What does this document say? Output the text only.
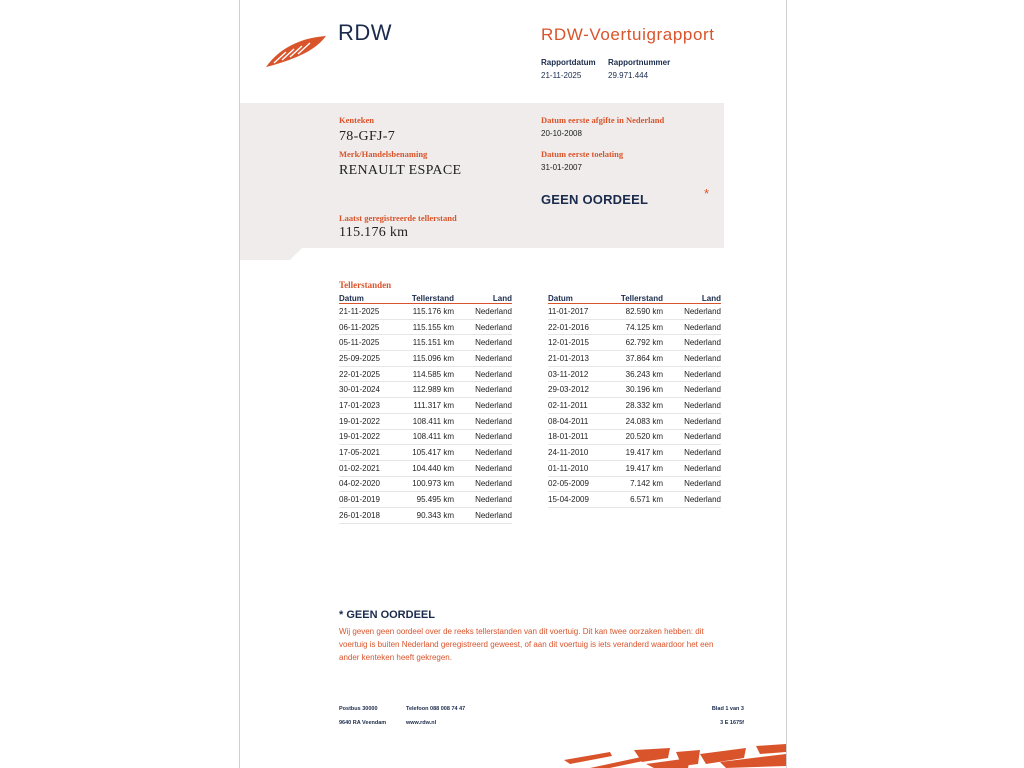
RDW	RDW-Voertuigrapport
Rapportdatum
21-11-2025
Rapportnummer
29.971.444
Kenteken
78-GFJ-7
Merk/Handelsbenaming
RENAULT ESPACE
Laatst geregistreerde tellerstand
115.176 km
Datum eerste afgifte in Nederland
20-10-2008
Datum eerste toelating
31-01-2007
GEEN OORDEEL	*
Tellerstanden
Datum	Tellerstand	Land
21-11-2025	115.176 km	Nederland
06-11-2025	115.155 km	Nederland
05-11-2025	115.151 km	Nederland
25-09-2025	115.096 km	Nederland
22-01-2025	114.585 km	Nederland
30-01-2024	112.989 km	Nederland
17-01-2023	111.317 km	Nederland
19-01-2022	108.411 km	Nederland
19-01-2022	108.411 km	Nederland
17-05-2021	105.417 km	Nederland
01-02-2021	104.440 km	Nederland
04-02-2020	100.973 km	Nederland
08-01-2019	95.495 km	Nederland
26-01-2018	90.343 km	Nederland
Datum	Tellerstand	Land
11-01-2017	82.590 km	Nederland
22-01-2016	74.125 km	Nederland
12-01-2015	62.792 km	Nederland
21-01-2013	37.864 km	Nederland
03-11-2012	36.243 km	Nederland
29-03-2012	30.196 km	Nederland
02-11-2011	28.332 km	Nederland
08-04-2011	24.083 km	Nederland
18-01-2011	20.520 km	Nederland
24-11-2010	19.417 km	Nederland
01-11-2010	19.417 km	Nederland
02-05-2009	7.142 km	Nederland
15-04-2009	6.571 km	Nederland
* GEEN OORDEEL
Wij geven geen oordeel over de reeks tellerstanden van dit voertuig. Dit kan twee oorzaken hebben: dit voertuig is buiten Nederland geregistreerd geweest, of aan dit voertuig is iets veranderd waardoor het een ander kenteken heeft gekregen.
Postbus 30000
9640 RA Veendam
Telefoon 088 008 74 47
www.rdw.nl
Blad 1 van 3
3 E 1675f
